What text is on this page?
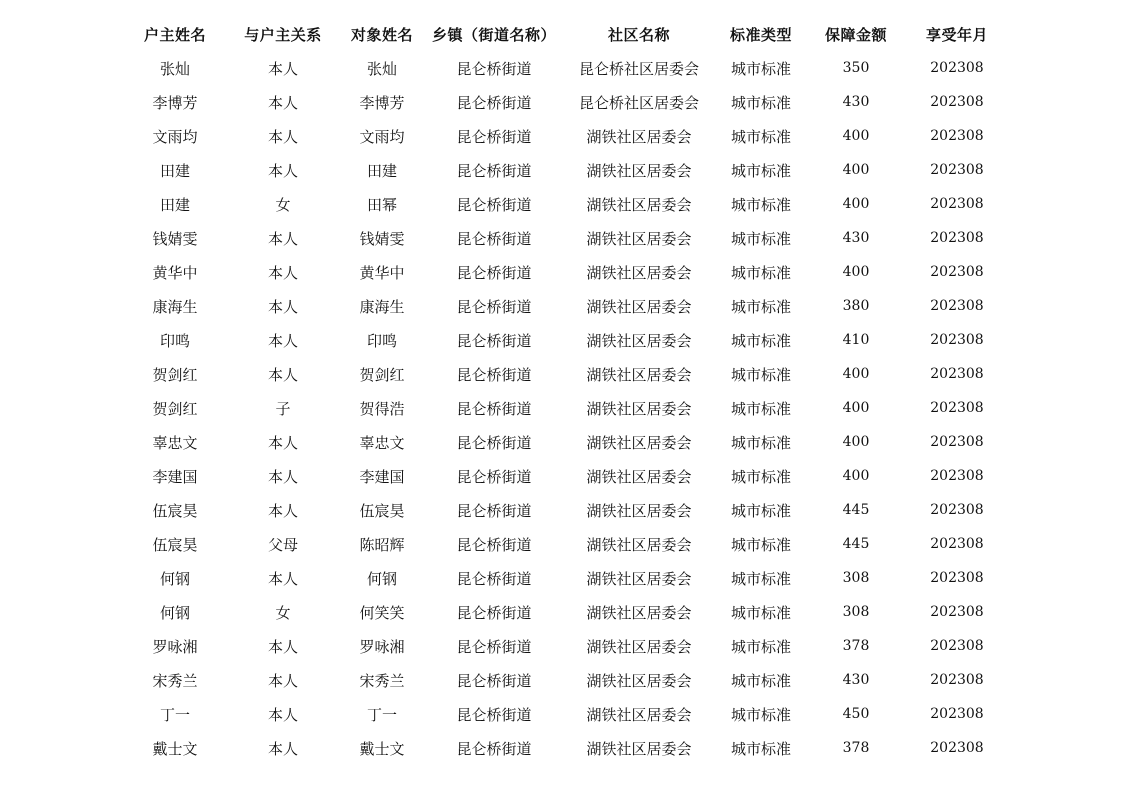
户主姓名	与户主关系	对象姓名	乡镇（街道名称）	社区名称	标准类型	保障金额	享受年月
张灿	本人	张灿	昆仑桥街道	昆仑桥社区居委会	城市标准	350	202308
李博芳	本人	李博芳	昆仑桥街道	昆仑桥社区居委会	城市标准	430	202308
文雨均	本人	文雨均	昆仑桥街道	湖铁社区居委会	城市标准	400	202308
田建	本人	田建	昆仑桥街道	湖铁社区居委会	城市标准	400	202308
田建	女	田幂	昆仑桥街道	湖铁社区居委会	城市标准	400	202308
钱婧雯	本人	钱婧雯	昆仑桥街道	湖铁社区居委会	城市标准	430	202308
黄华中	本人	黄华中	昆仑桥街道	湖铁社区居委会	城市标准	400	202308
康海生	本人	康海生	昆仑桥街道	湖铁社区居委会	城市标准	380	202308
印鸣	本人	印鸣	昆仑桥街道	湖铁社区居委会	城市标准	410	202308
贺剑红	本人	贺剑红	昆仑桥街道	湖铁社区居委会	城市标准	400	202308
贺剑红	子	贺得浩	昆仑桥街道	湖铁社区居委会	城市标准	400	202308
辜忠文	本人	辜忠文	昆仑桥街道	湖铁社区居委会	城市标准	400	202308
李建国	本人	李建国	昆仑桥街道	湖铁社区居委会	城市标准	400	202308
伍宸昊	本人	伍宸昊	昆仑桥街道	湖铁社区居委会	城市标准	445	202308
伍宸昊	父母	陈昭辉	昆仑桥街道	湖铁社区居委会	城市标准	445	202308
何钢	本人	何钢	昆仑桥街道	湖铁社区居委会	城市标准	308	202308
何钢	女	何笑笑	昆仑桥街道	湖铁社区居委会	城市标准	308	202308
罗咏湘	本人	罗咏湘	昆仑桥街道	湖铁社区居委会	城市标准	378	202308
宋秀兰	本人	宋秀兰	昆仑桥街道	湖铁社区居委会	城市标准	430	202308
丁一	本人	丁一	昆仑桥街道	湖铁社区居委会	城市标准	450	202308
戴士文	本人	戴士文	昆仑桥街道	湖铁社区居委会	城市标准	378	202308
